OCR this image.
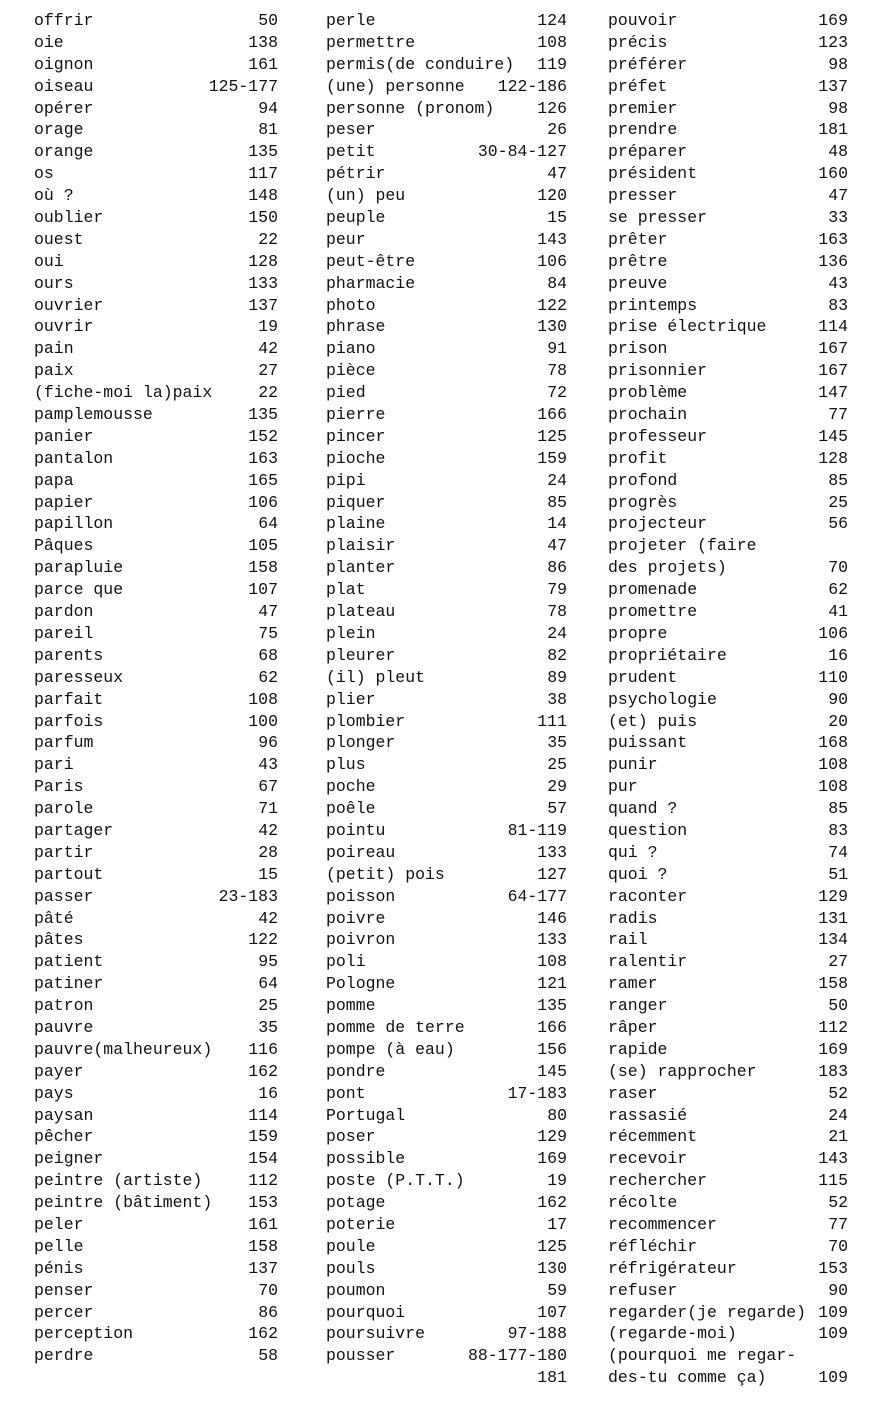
offrir	50
oie	138
oignon	161
oiseau	125-177
opérer	94
orage	81
orange	135
os	117
où ?	148
oublier	150
ouest	22
oui	128
ours	133
ouvrier	137
ouvrir	19
pain	42
paix	27
(fiche-moi la)paix	22
pamplemousse	135
panier	152
pantalon	163
papa	165
papier	106
papillon	64
Pâques	105
parapluie	158
parce que	107
pardon	47
pareil	75
parents	68
paresseux	62
parfait	108
parfois	100
parfum	96
pari	43
Paris	67
parole	71
partager	42
partir	28
partout	15
passer	23-183
pâté	42
pâtes	122
patient	95
patiner	64
patron	25
pauvre	35
pauvre(malheureux) 116
payer	162
pays	16
paysan	114
pêcher	159
peigner	154
peintre (artiste)	112
peintre (bâtiment) 153
peler	161
pelle	158
pénis	137
penser	70
percer	86
perception	162
perdre	58
perle	124
permettre	108
permis(de conduire) 119
(une) personne 122-186
personne (pronom)	126
peser	26
petit	30-84-127
pétrir	47
(un) peu	120
peuple	15
peur	143
peut-être	106
pharmacie	84
photo	122
phrase	130
piano	91
pièce	78
pied	72
pierre	166
pincer	125
pioche	159
pipi	24
piquer	85
plaine	14
plaisir	47
planter	86
plat	79
plateau	78
plein	24
pleurer	82
(il) pleut	89
plier	38
plombier	111
plonger	35
plus	25
poche	29
poêle	57
pointu	81-119
poireau	133
(petit) pois	127
poisson	64-177
poivre	146
poivron	133
poli	108
Pologne	121
pomme	135
pomme de terre	166
pompe (à eau)	156
pondre	145
pont	17-183
Portugal	80
poser	129
possible	169
poste (P.T.T.)	19
potage	162
poterie	17
poule	125
pouls	130
poumon	59
pourquoi	107
poursuivre	97-188
pousser	88-177-180
181
pouvoir	169
précis	123
préférer	98
préfet	137
premier	98
prendre	181
préparer	48
président	160
presser	47
se presser	33
prêter	163
prêtre	136
preuve	43
printemps	83
prise électrique	114
prison	167
prisonnier	167
problème	147
prochain	77
professeur	145
profit	128
profond	85
progrès	25
projecteur	56
projeter (faire
des projets)	70
promenade	62
promettre	41
propre	106
propriétaire	16
prudent	110
psychologie	90
(et) puis	20
puissant	168
punir	108
pur	108
quand ?	85
question	83
qui ?	74
quoi ?	51
raconter	129
radis	131
rail	134
ralentir	27
ramer	158
ranger	50
râper	112
rapide	169
(se) rapprocher	183
raser	52
rassasié	24
récemment	21
recevoir	143
rechercher	115
récolte	52
recommencer	77
réfléchir	70
réfrigérateur	153
refuser	90
regarder(je regarde) 109
(regarde-moi)	109
(pourquoi me regar-
des-tu comme ça)	109
